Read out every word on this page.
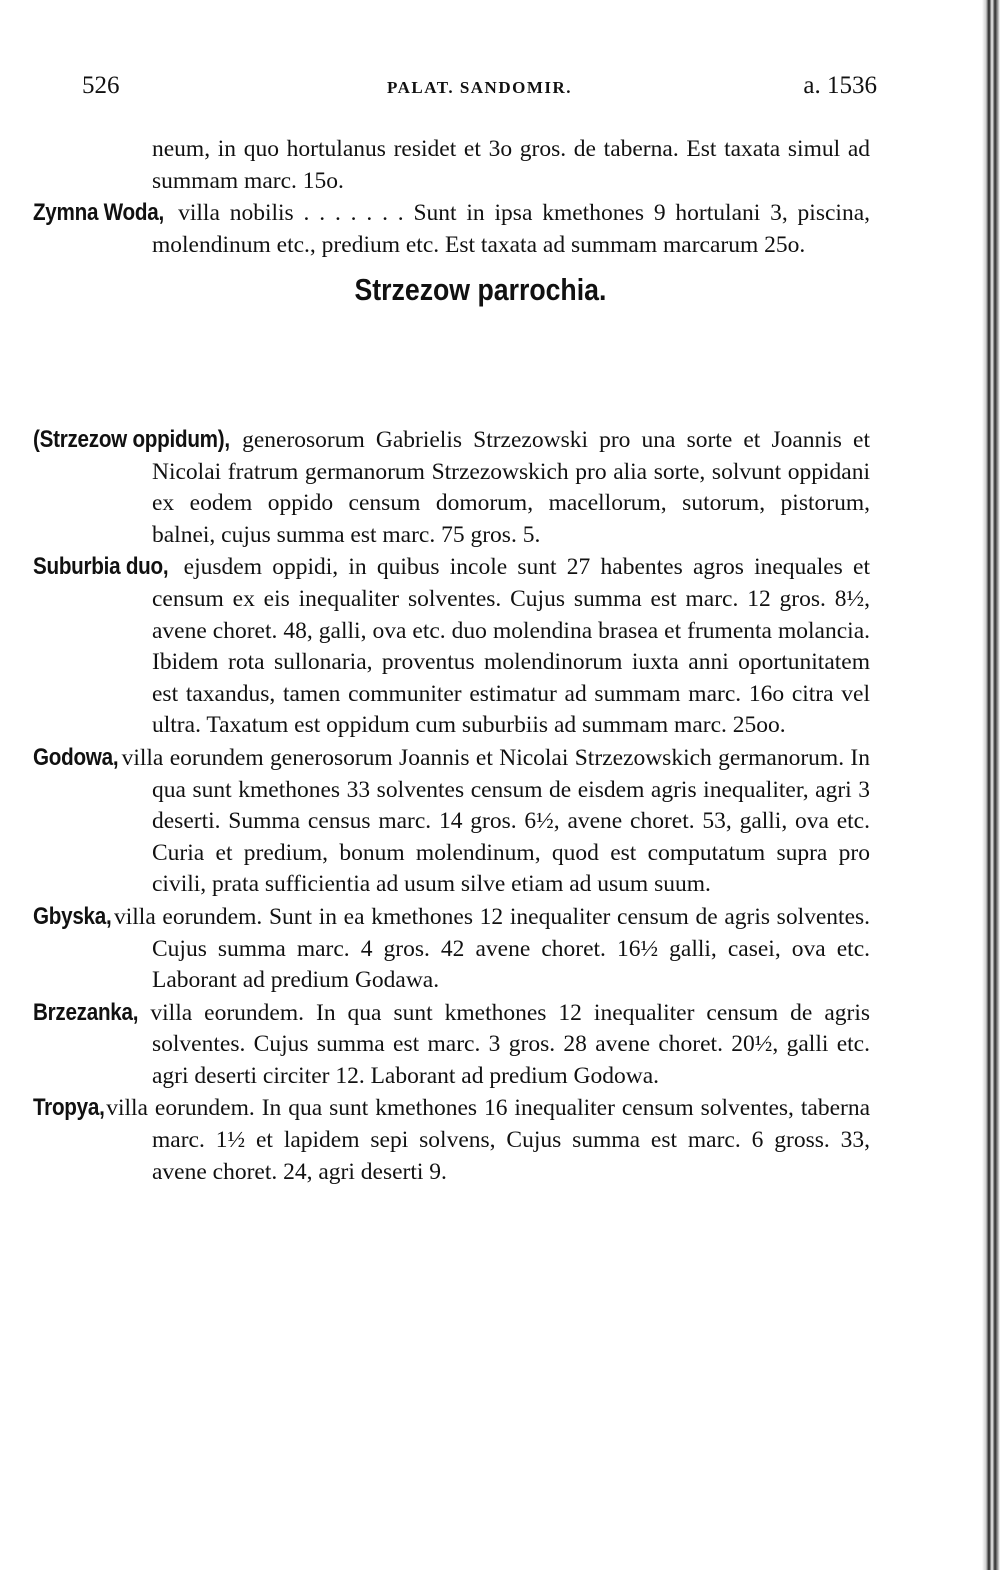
526	PALAT. SANDOMIR.	a. 1536

neum, in quo hortulanus residet et 3o gros. de taberna. Est taxata simul ad summam marc. 15o.

Zymna Woda, villa nobilis . . . . . . . Sunt in ipsa kmethones 9 hortulani 3, piscina, molendinum etc., predium etc. Est taxata ad summam marcarum 25o.

Strzezow parrochia.

(Strzezow oppidum), generosorum Gabrielis Strzezowski pro una sorte et Joannis et Nicolai fratrum germanorum Strzezowskich pro alia sorte, solvunt oppidani ex eodem oppido censum domorum, macellorum, sutorum, pistorum, balnei, cujus summa est marc. 75 gros. 5.

Suburbia duo, ejusdem oppidi, in quibus incole sunt 27 habentes agros inequales et censum ex eis inequaliter solventes. Cujus summa est marc. 12 gros. 8½, avene choret. 48, galli, ova etc. duo molendina brasea et frumenta molancia. Ibidem rota sullonaria, proventus molendinorum iuxta anni oportunitatem est taxandus, tamen communiter estimatur ad summam marc. 16o citra vel ultra. Taxatum est oppidum cum suburbiis ad summam marc. 25oo.

Godowa, villa eorundem generosorum Joannis et Nicolai Strzezowskich germanorum. In qua sunt kmethones 33 solventes censum de eisdem agris inequaliter, agri 3 deserti. Summa census marc. 14 gros. 6½, avene choret. 53, galli, ova etc. Curia et predium, bonum molendinum, quod est computatum supra pro civili, prata sufficientia ad usum silve etiam ad usum suum.

Gbyska, villa eorundem. Sunt in ea kmethones 12 inequaliter censum de agris solventes. Cujus summa marc. 4 gros. 42 avene choret. 16½ galli, casei, ova etc. Laborant ad predium Godawa.

Brzezanka, villa eorundem. In qua sunt kmethones 12 inequaliter censum de agris solventes. Cujus summa est marc. 3 gros. 28 avene choret. 20½, galli etc. agri deserti circiter 12. Laborant ad predium Godowa.

Tropya, villa eorundem. In qua sunt kmethones 16 inequaliter censum solventes, taberna marc. 1½ et lapidem sepi solvens, Cujus summa est marc. 6 gross. 33, avene choret. 24, agri deserti 9.
